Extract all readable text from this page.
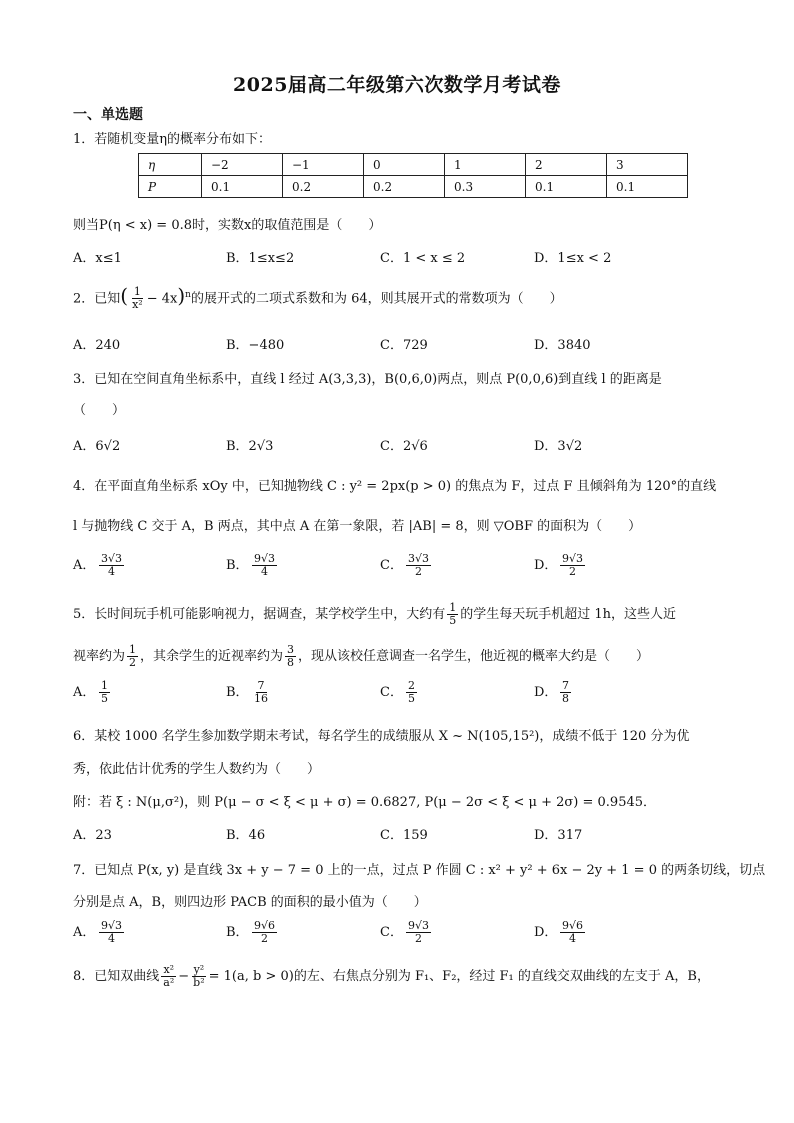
2025届高二年级第六次数学月考试卷
一、单选题
1．若随机变量η的概率分布如下：
η	−2	−1	0	1	2	3
P	0.1	0.2	0.2	0.3	0.1	0.1
则当P(η < x) = 0.8时，实数x的取值范围是（　　）
A．x≤1	B．1≤x≤2	C．1 < x ≤ 2	D．1≤x < 2
2．已知( $\frac{1}{\text{x²}} - 4x)^n$的展开式的二项式系数和为 64，则其展开式的常数项为（　　）
A．240	B．−480	C．729	D．3840
3．已知在空间直角坐标系中，直线 l 经过 A(3,3,3)，B(0,6,0)两点，则点 P(0,0,6)到直线 l 的距离是
（　　）
A．6√2	B．2√3	C．2√6	D．3√2
4．在平面直角坐标系 xOy 中，已知抛物线 C : y² = 2px(p > 0) 的焦点为 F，过点 F 且倾斜角为 120°的直线
l 与抛物线 C 交于 A，B 两点，其中点 A 在第一象限，若 |AB| = 8，则 ▽OBF 的面积为（　　）
A． $\frac{3√3}{4}$	B． $\frac{9√3}{4}$	C． $\frac{3√3}{2}$	D． $\frac{9√3}{2}$
5．长时间玩手机可能影响视力，据调查，某学校学生中，大约有 $\frac{1}{5}$ 的学生每天玩手机超过 1h，这些人近
视率约为 $\frac{1}{2}$ ，其余学生的近视率约为 $\frac{3}{8}$ ，现从该校任意调查一名学生，他近视的概率大约是（　　）
A． $\frac{1}{5}$	B． $\frac{7}{16}$	C． $\frac{2}{5}$	D． $\frac{7}{8}$
6．某校 1000 名学生参加数学期末考试，每名学生的成绩服从 X ~ N(105,15²)，成绩不低于 120 分为优
秀，依此估计优秀的学生人数约为（　　）
附：若 ξ : N(μ,σ²)，则 P(μ − σ < ξ < μ + σ) = 0.6827, P(μ − 2σ < ξ < μ + 2σ) = 0.9545．
A．23	B．46	C．159	D．317
7．已知点 P(x, y) 是直线 3x + y − 7 = 0 上的一点，过点 P 作圆 C : x² + y² + 6x − 2y + 1 = 0 的两条切线，切点
分别是点 A，B，则四边形 PACB 的面积的最小值为（　　）
A． $\frac{9√3}{4}$	B． $\frac{9√6}{2}$	C． $\frac{9√3}{2}$	D． $\frac{9√6}{4}$
8．已知双曲线 $\frac{\text{x²}}{\text{a²}} - \frac{\text{y²}}{\text{b²}} = 1(a$, b > 0)的左、右焦点分别为 F₁、F₂，经过 F₁ 的直线交双曲线的左支于 A，B，
